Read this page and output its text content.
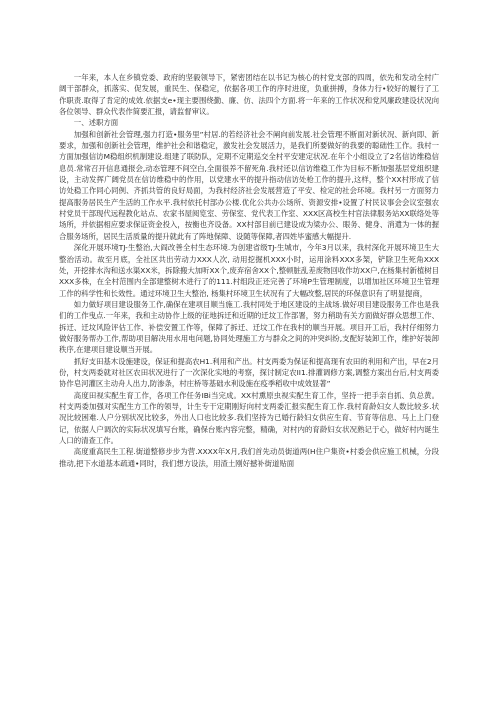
一年来，本人在乡镇党委、政府的坚毅领导下，紧密团结在以书记为核心的村党支部的四周，依先和发动全村广阔干部群众，抓落实、促发展，重民生、保稳定，依据各项工作的序时进度，负重拼搏，身体力行•较好的履行了工作职责.取得了肯定的成效.依据支e•现主要围绕勤、廉、仿、法四个方面.将一年来的工作状况和党风廉政建设状况向各位领导、群众代表作简要汇报，请监督审议。

一、述职方面

加强和创新社会管理,强力打造•服务里”村居.的若经济社会不阐向前发展.社会管理不断面对新状况、新向即、新要求，加强和创新社会管理，维护社会和谐稳定，激发社会发展活力，是我们所要做好的我要的聪础性工作。我村一方面加强信访M稳组织机制建设.组建了联防队，定期不定期巡交全村平安建定状况.在年个小组设立了2名信访维稳信息员.常常召开信息通报会,动态管理不间空白,全面很养不留死角.我村还以信访维稳工作为目标不断加强基层党组织建设，主动发挥广阔党员在信访维稳中的作用，以党建水平的提升指动信访处枪工作的提升,这样，整个XX村形成了信访处稳工作同心同例、齐抓共管的良好局面，为我村经济社会发展营造了平安、检定的社会环境。我村另一方面努力提高服务居民生产生活的工作水平.我村依托村部办公楼.优化公共办公场所、资源安排•设置了村民议事会会议室强农村党员干部现代远程教化站点、农家书屋阅览室、劳保室、党代表工作室、XXX区高校生村官法律服务站XX联络处等场所，并依据相应要求保证资金投入，按衡也齐设备。XX村部目前已建设成为梁办公、眼务、健身、消遣为一体的握合服务场所，居民生活质量的提升就此有了阵地保障、设随等保障,者四姓毕蜜感大幅提升.

深化开展环境TJ-生整治,大阎改善全村生态环境.为创建省级TJ-生城市，今年3月以来，我村深化开展环境卫生大整治活动。故至月底，全社区共出劳动力XXX人次, 动用挖掘机XXX小时，运用涂料XXX多架，铲除卫生死角XXX处，开挖排水沟和送水渠XX米，拆除搬大加听XX个,废弃宿舍XX个,整顿脏乱差废物回收作坊XX户,在杨集村新植树目XXX多株，在全村范围内全部建整树木进行了的111.村组段正还完善了环境P生管理制度，以增加社区环境卫生管理工作的科学性和长效性。通过环境卫生大整治, 杨集村环境卫生状况有了大幅改整,居民的环保意识有了明显提商，

如力做好项目建设服务工作,确保在建项目顺当施工.我村同处于地区建设的主战场.做好项目建设服务工作也是我们的工作曳点.一年来，我和主动协作上级的征地拆迁和近期的迁坟工作部署，努力稍助有关方面做好群众思想工作、拆迁、迁坟风险评估工作、补偿安置工作等，保障了拆迁、迁坟工作在我村的顺当开展。项目开工后，我村仔细努力做好服务帮办工作,帮助项目解决用水用电问题,协同处理施工方与群众之间的冲突纠纷,支配好装卸工作，维护好装卸秩序,在建项目建设顺当开展。

抓好支田基木设施建设，保证和提高农H1.利用和产出。村支两委为保证和提高现有农田的利用和产出，早在2月份，村支两委就对社区农田状况进行了一次深化实地的考察，探讨制定农II1.排灌调修方案,调整方案出台后,村支两委协作皂河灌区主动舟人出力,防渗条，村庄桥等基础水利设施在疫季稻收中成效显著”

高度田视实配生育工作，各项工作任务IBi当完成。XX村熏原虫视实配生育工作，坚持一把手亲自抓、负总黄。村支两委加强对实配生方工作的领导，计生专干定期刚好向村支两委汇报实配生育工作.我村育龄妇女人数比较多.状况比较困难.人户分别状况比较多，外出人口也比较多.我们坚持为已婚行龄妇女供应生育、节育等信息、马上上门登记，依据人户调次的实际状况填写台账，确保台账内容完整，精确，对村内的育龄妇女状况熟记于心，做好村内诞生人口的清查工作。

高度重高民生工程.街道整修步步为营.XXXX年X月,我们首先动员街道两(H住户集资•村委会供应施工机械，分段推动,把下水道基本疏通•同时，我们想方设法，用渣土刚好撼补街道贴面
